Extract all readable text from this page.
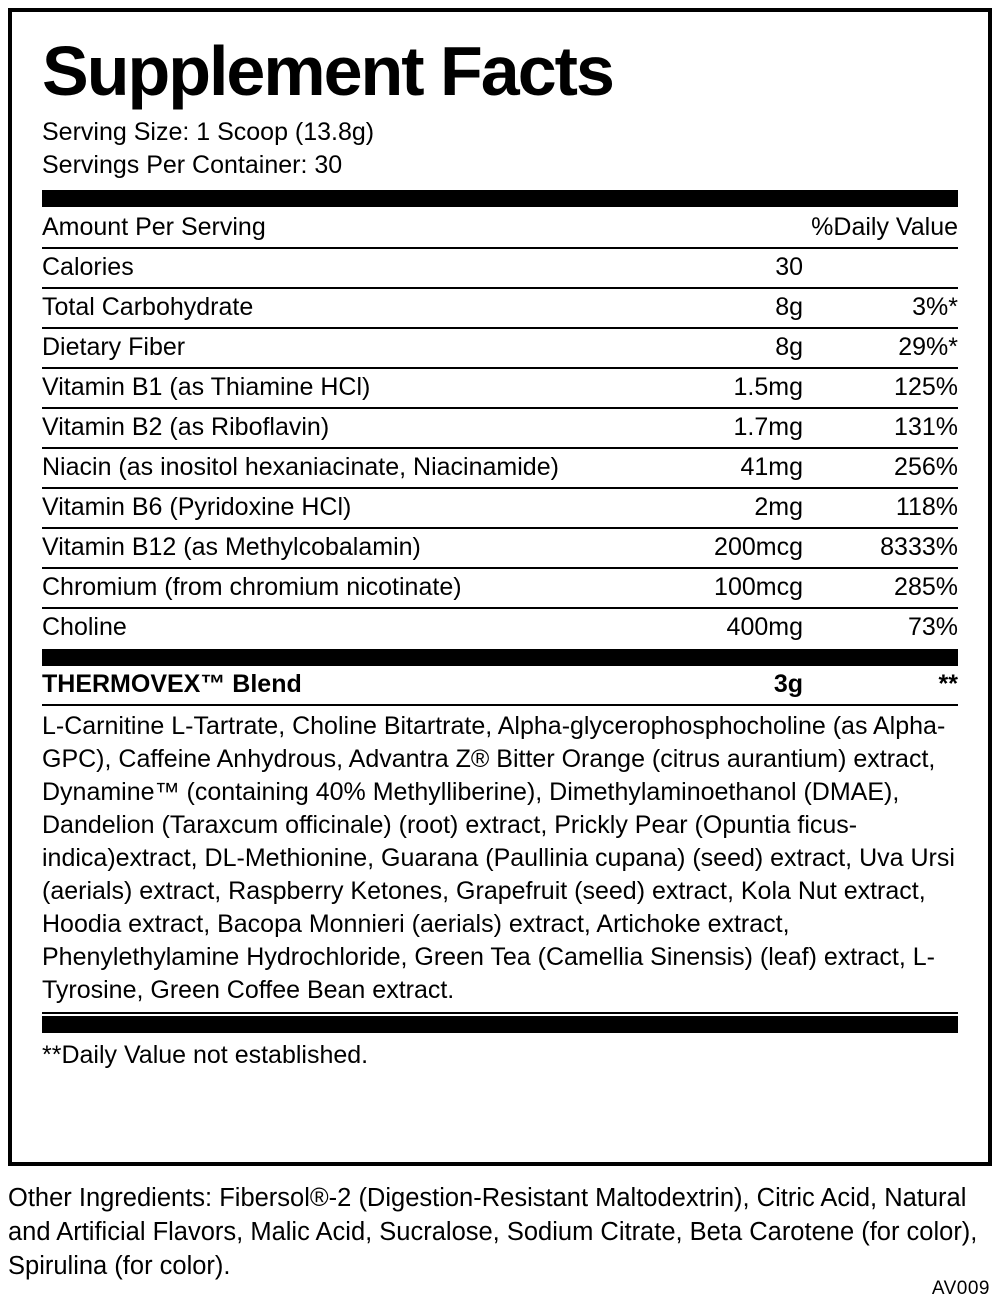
Supplement Facts
Serving Size: 1 Scoop (13.8g)
Servings Per Container: 30
Amount Per Serving		%Daily Value
Calories	30	
Total Carbohydrate	8g	3%*
Dietary Fiber	8g	29%*
Vitamin B1 (as Thiamine HCl)	1.5mg	125%
Vitamin B2 (as Riboflavin)	1.7mg	131%
Niacin (as inositol hexaniacinate, Niacinamide)	41mg	256%
Vitamin B6 (Pyridoxine HCl)	2mg	118%
Vitamin B12 (as Methylcobalamin)	200mcg	8333%
Chromium (from chromium nicotinate)	100mcg	285%
Choline	400mg	73%
THERMOVEX™ Blend	3g	**
L-Carnitine L-Tartrate, Choline Bitartrate, Alpha-glycerophosphocholine (as Alpha-GPC), Caffeine Anhydrous, Advantra Z® Bitter Orange (citrus aurantium) extract, Dynamine™ (containing 40% Methylliberine), Dimethylaminoethanol (DMAE), Dandelion (Taraxcum officinale) (root) extract, Prickly Pear (Opuntia ficus-indica)extract, DL-Methionine, Guarana (Paullinia cupana) (seed) extract, Uva Ursi (aerials) extract, Raspberry Ketones, Grapefruit (seed) extract, Kola Nut extract, Hoodia extract, Bacopa Monnieri (aerials) extract, Artichoke extract, Phenylethylamine Hydrochloride, Green Tea (Camellia Sinensis) (leaf) extract, L-Tyrosine, Green Coffee Bean extract.
**Daily Value not established.
Other Ingredients: Fibersol®-2 (Digestion-Resistant Maltodextrin), Citric Acid, Natural and Artificial Flavors, Malic Acid, Sucralose, Sodium Citrate, Beta Carotene (for color), Spirulina (for color).
AV009
